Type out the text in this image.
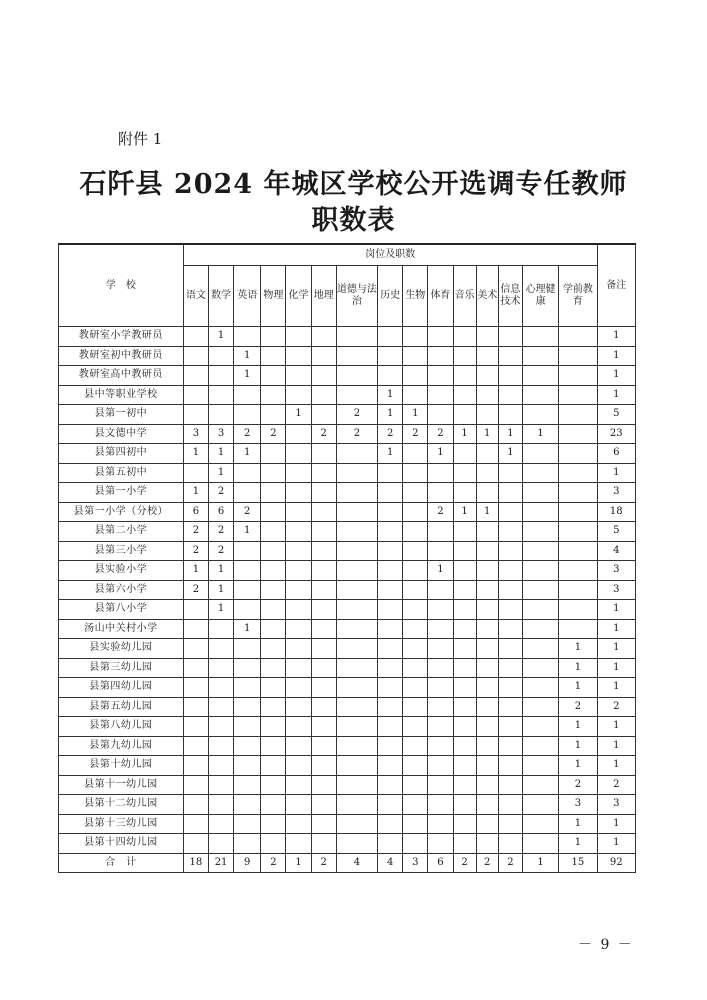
附件 1
石阡县 2024 年城区学校公开选调专任教师
职数表
学　校	岗位及职数															备注
	语文	数学	英语	物理	化学	地理	道德与法治	历史	生物	体育	音乐	美术	信息技术	心理健康	学前教育	
教研室小学教研员		1														1
教研室初中教研员			1													1
教研室高中教研员			1													1
县中等职业学校								1								1
县第一初中					1		2	1	1							5
县文德中学	3	3	2	2		2	2	2	2	2	1	1	1	1		23
县第四初中	1	1	1					1		1			1			6
县第五初中		1														1
县第一小学	1	2														3
县第一小学（分校）	6	6	2							2	1	1				18
县第二小学	2	2	1													5
县第三小学	2	2														4
县实验小学	1	1								1						3
县第六小学	2	1														3
县第八小学		1														1
汤山中关村小学			1													1
县实验幼儿园															1	1
县第三幼儿园															1	1
县第四幼儿园															1	1
县第五幼儿园															2	2
县第八幼儿园															1	1
县第九幼儿园															1	1
县第十幼儿园															1	1
县第十一幼儿园															2	2
县第十二幼儿园															3	3
县第十三幼儿园															1	1
县第十四幼儿园															1	1
合　计	18	21	9	2	1	2	4	4	3	6	2	2	2	1	15	92
－ 9 －
